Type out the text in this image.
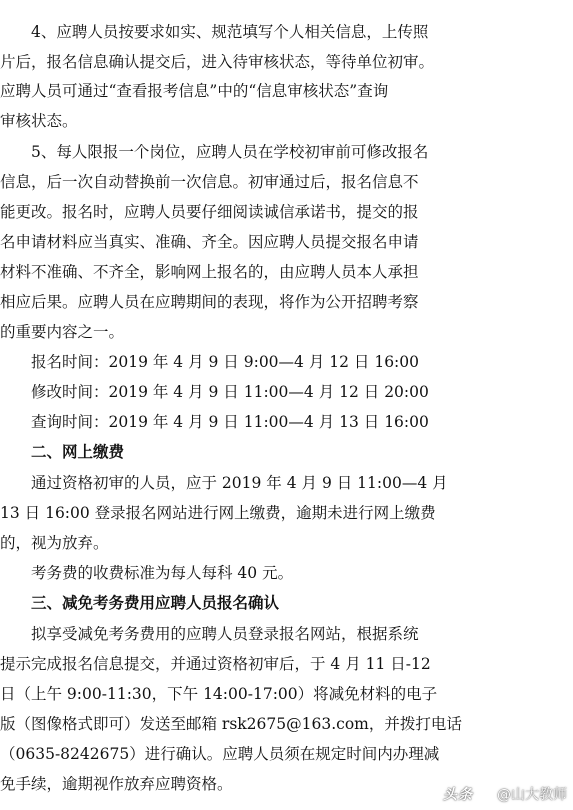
　　4、应聘人员按要求如实、规范填写个人相关信息，上传照
片后，报名信息确认提交后，进入待审核状态，等待单位初审。
应聘人员可通过“查看报考信息”中的“信息审核状态”查询
审核状态。
　　5、每人限报一个岗位，应聘人员在学校初审前可修改报名
信息，后一次自动替换前一次信息。初审通过后，报名信息不
能更改。报名时，应聘人员要仔细阅读诚信承诺书，提交的报
名申请材料应当真实、准确、齐全。因应聘人员提交报名申请
材料不准确、不齐全，影响网上报名的，由应聘人员本人承担
相应后果。应聘人员在应聘期间的表现，将作为公开招聘考察
的重要内容之一。
　　报名时间：2019 年 4 月 9 日 9:00—4 月 12 日 16:00
　　修改时间：2019 年 4 月 9 日 11:00—4 月 12 日 20:00
　　查询时间：2019 年 4 月 9 日 11:00—4 月 13 日 16:00
　　二、网上缴费
　　通过资格初审的人员，应于 2019 年 4 月 9 日 11:00—4 月
13 日 16:00 登录报名网站进行网上缴费，逾期未进行网上缴费
的，视为放弃。
　　考务费的收费标准为每人每科 40 元。
　　三、减免考务费用应聘人员报名确认
　　拟享受减免考务费用的应聘人员登录报名网站，根据系统
提示完成报名信息提交，并通过资格初审后，于 4 月 11 日-12
日（上午 9:00-11:30，下午 14:00-17:00）将减免材料的电子
版（图像格式即可）发送至邮箱 rsk2675@163.com，并拨打电话
（0635-8242675）进行确认。应聘人员须在规定时间内办理减
免手续，逾期视作放弃应聘资格。
头条 @山大教师
